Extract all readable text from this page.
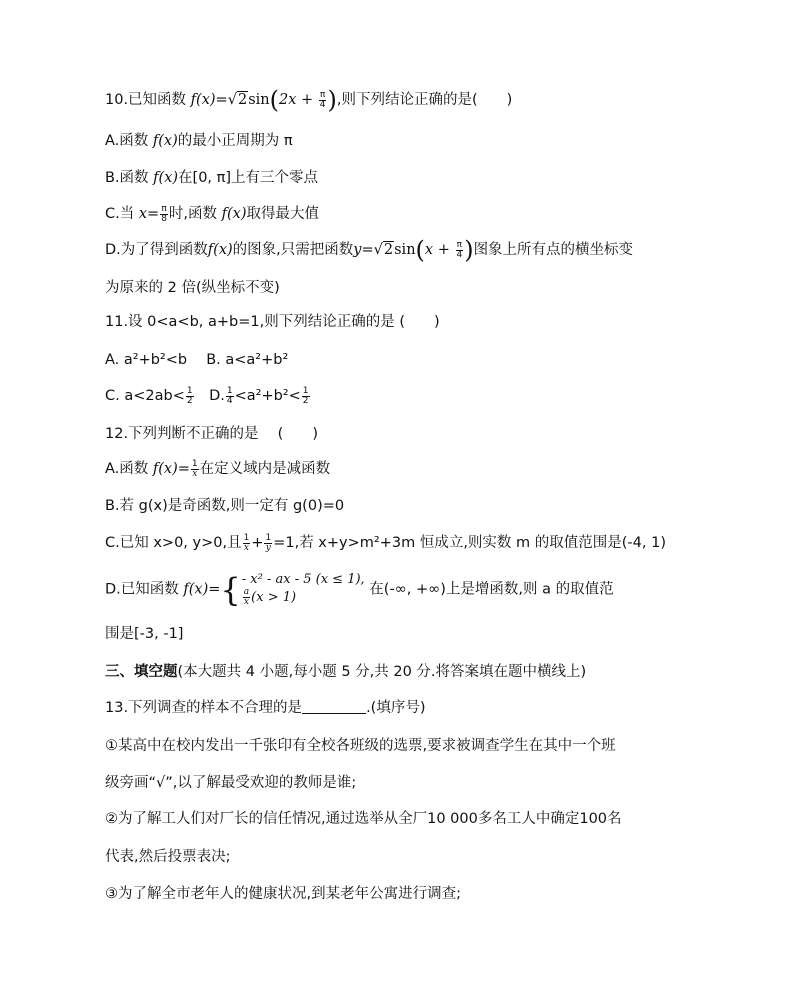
10.已知函数 $f(x)=√2\sin(2x + \frac{\pi}{4}$ ),则下列结论正确的是(　　)
A.函数 f(x)的最小正周期为 π
B.函数 f(x)在[0, π]上有三个零点
C.当 $x= \frac{\pi}{8}$ 时,函数 f(x)取得最大值
D.为了得到函数f(x)的图象,只需把函数$y=√2\sin(x + \frac{\pi}{4}$ )图象上所有点的横坐标变
为原来的 2 倍(纵坐标不变)
11.设 0<a<b, a+b=1,则下列结论正确的是 (　　)
A. a²+b²<b　 B. a<a²+b²
C. $a<2ab< \frac{1}{2}$
　 D. $\frac{1}{4} <a^2+b^2< \frac{1}{2}$
12.下列判断不正确的是　 (　　)
A.函数 $f(x)= \frac{1}{x}$ 在定义域内是减函数
B.若 g(x)是奇函数,则一定有 g(0)=0
C.已知 x>0, y>0,且 $\frac{1}{x} + \frac{1}{y} =1$,若 x+y>m²+3m 恒成立,则实数 m 的取值范围是(-4, 1)
D.已知函数 f(x)= { - x² - ax - 5 (x ≤ 1),
$\frac{a}{x} (x > 1)$	在(-∞, +∞)上是增函数,则 a 的取值范
围是[-3, -1]
三、填空题(本大题共 4 小题,每小题 5 分,共 20 分.将答案填在题中横线上)
13.下列调查的样本不合理的是	.(填序号)
①某高中在校内发出一千张印有全校各班级的选票,要求被调查学生在其中一个班
级旁画“√”,以了解最受欢迎的教师是谁;
②为了解工人们对厂长的信任情况,通过选举从全厂10 000多名工人中确定100名
代表,然后投票表决;
③为了解全市老年人的健康状况,到某老年公寓进行调查;
